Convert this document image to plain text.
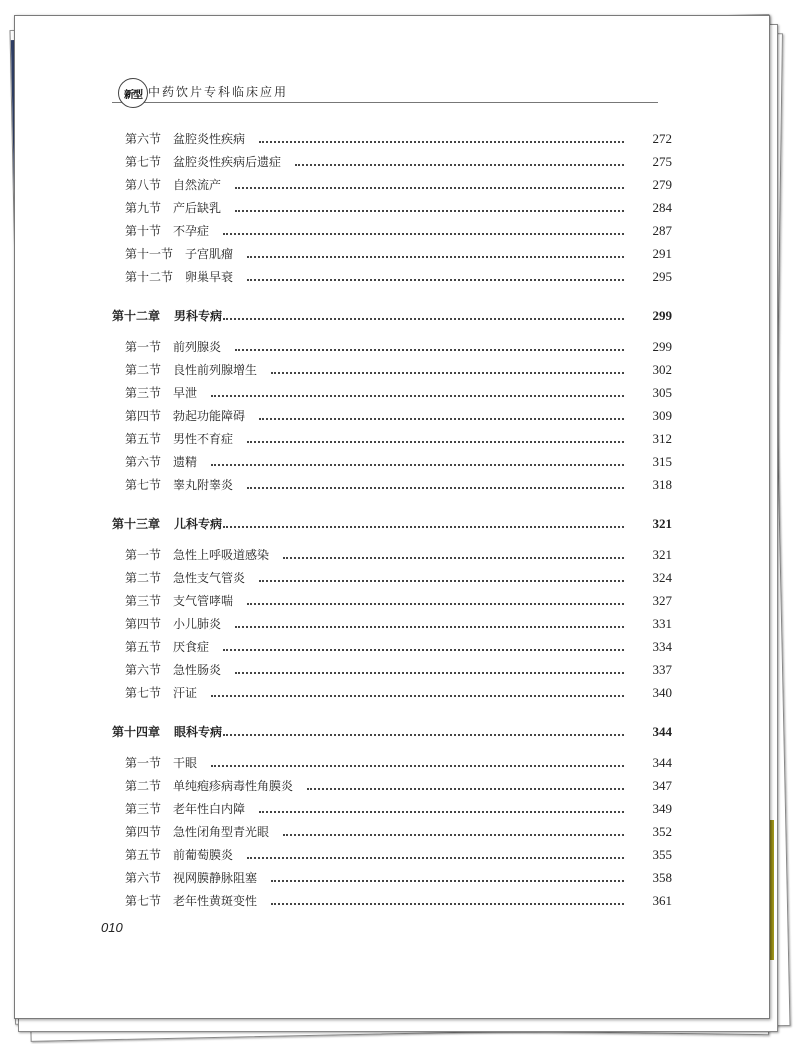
新型 中药饮片专科临床应用
第六节 盆腔炎性疾病	272
第七节 盆腔炎性疾病后遗症	275
第八节 自然流产	279
第九节 产后缺乳	284
第十节 不孕症	287
第十一节 子宫肌瘤	291
第十二节 卵巢早衰	295
第十二章 男科专病	299
第一节 前列腺炎	299
第二节 良性前列腺增生	302
第三节 早泄	305
第四节 勃起功能障碍	309
第五节 男性不育症	312
第六节 遗精	315
第七节 睾丸附睾炎	318
第十三章 儿科专病	321
第一节 急性上呼吸道感染	321
第二节 急性支气管炎	324
第三节 支气管哮喘	327
第四节 小儿肺炎	331
第五节 厌食症	334
第六节 急性肠炎	337
第七节 汗证	340
第十四章 眼科专病	344
第一节 干眼	344
第二节 单纯疱疹病毒性角膜炎	347
第三节 老年性白内障	349
第四节 急性闭角型青光眼	352
第五节 前葡萄膜炎	355
第六节 视网膜静脉阻塞	358
第七节 老年性黄斑变性	361
010
